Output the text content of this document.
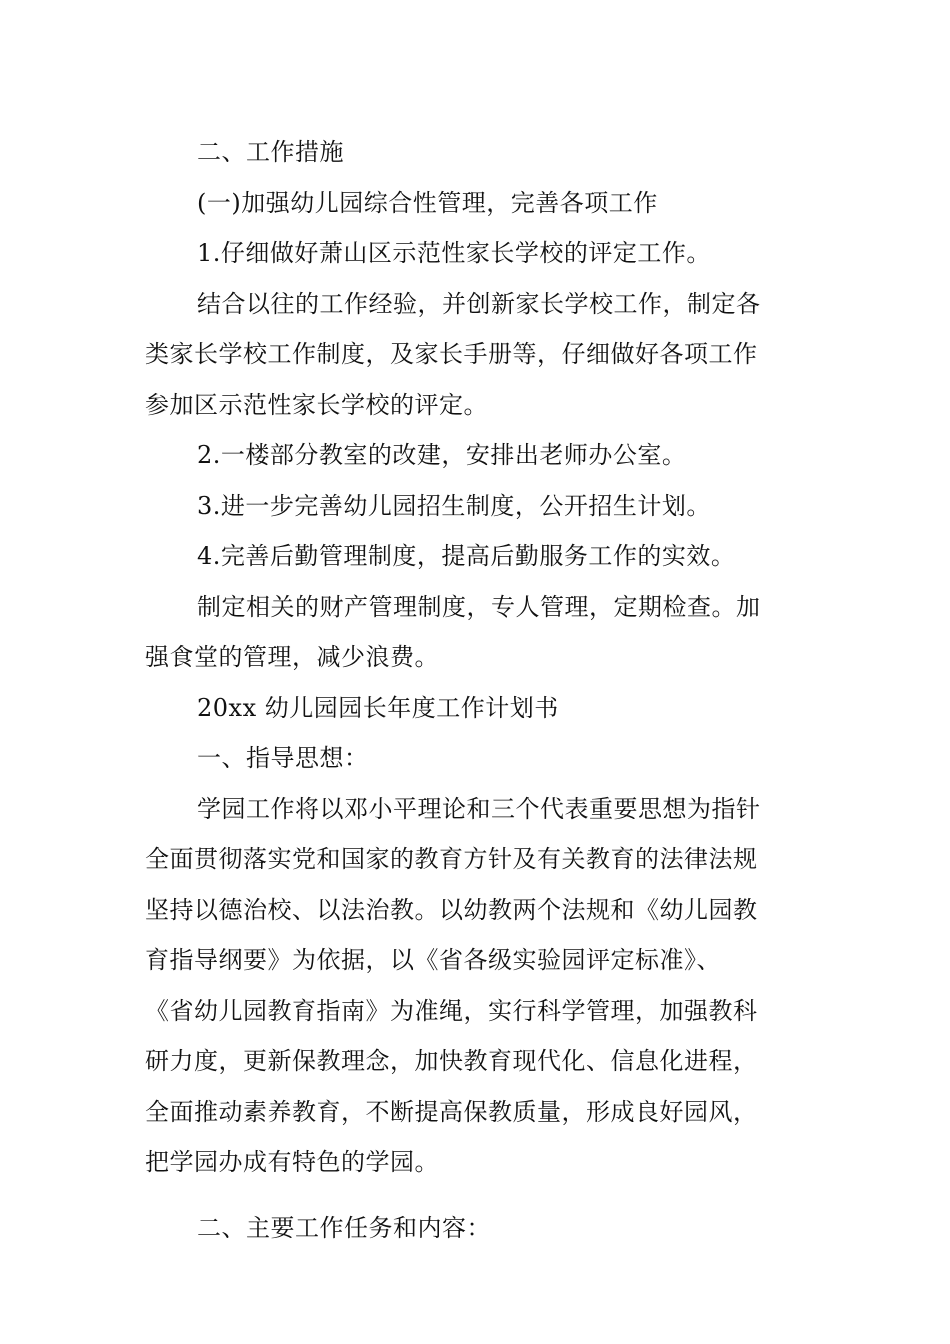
二、工作措施

(一)加强幼儿园综合性管理，完善各项工作

1.仔细做好萧山区示范性家长学校的评定工作。

结合以往的工作经验，并创新家长学校工作，制定各
类家长学校工作制度，及家长手册等，仔细做好各项工作
参加区示范性家长学校的评定。

2.一楼部分教室的改建，安排出老师办公室。

3.进一步完善幼儿园招生制度，公开招生计划。

4.完善后勤管理制度，提高后勤服务工作的实效。

制定相关的财产管理制度，专人管理，定期检查。加
强食堂的管理，减少浪费。

20xx 幼儿园园长年度工作计划书

一、指导思想：

学园工作将以邓小平理论和三个代表重要思想为指针
全面贯彻落实党和国家的教育方针及有关教育的法律法规
坚持以德治校、以法治教。以幼教两个法规和《幼儿园教
育指导纲要》为依据，以《省各级实验园评定标准》、
《省幼儿园教育指南》为准绳，实行科学管理，加强教科
研力度，更新保教理念，加快教育现代化、信息化进程，
全面推动素养教育，不断提高保教质量，形成良好园风，
把学园办成有特色的学园。

二、主要工作任务和内容：
